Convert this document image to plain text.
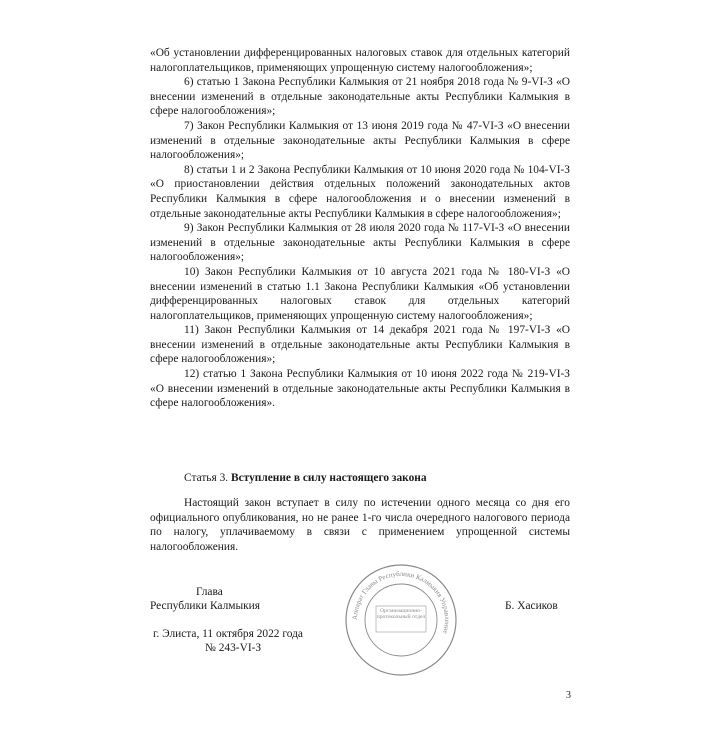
«Об установлении дифференцированных налоговых ставок для отдельных категорий налогоплательщиков, применяющих упрощенную систему налогообложения»;

6) статью 1 Закона Республики Калмыкия от 21 ноября 2018 года № 9-VI-З «О внесении изменений в отдельные законодательные акты Республики Калмыкия в сфере налогообложения»;

7) Закон Республики Калмыкия от 13 июня 2019 года № 47-VI-З «О внесении изменений в отдельные законодательные акты Республики Калмыкия в сфере налогообложения»;

8) статьи 1 и 2 Закона Республики Калмыкия от 10 июня 2020 года № 104-VI-З «О приостановлении действия отдельных положений законодательных актов Республики Калмыкия в сфере налогообложения и о внесении изменений в отдельные законодательные акты Республики Калмыкия в сфере налогообложения»;

9) Закон Республики Калмыкия от 28 июля 2020 года № 117-VI-З «О внесении изменений в отдельные законодательные акты Республики Калмыкия в сфере налогообложения»;

10) Закон Республики Калмыкия от 10 августа 2021 года № 180-VI-З «О внесении изменений в статью 1.1 Закона Республики Калмыкия «Об установлении дифференцированных налоговых ставок для отдельных категорий налогоплательщиков, применяющих упрощенную систему налогообложения»;

11) Закон Республики Калмыкия от 14 декабря 2021 года № 197-VI-З «О внесении изменений в отдельные законодательные акты Республики Калмыкия в сфере налогообложения»;

12) статью 1 Закона Республики Калмыкия от 10 июня 2022 года № 219-VI-З «О внесении изменений в отдельные законодательные акты Республики Калмыкия в сфере налогообложения».

Статья 3. Вступление в силу настоящего закона

Настоящий закон вступает в силу по истечении одного месяца со дня его официального опубликования, но не ранее 1-го числа очередного налогового периода по налогу, уплачиваемому в связи с применением упрощенной системы налогообложения.

Глава
Республики Калмыкия	Б. Хасиков
г. Элиста, 11 октября 2022 года
№ 243-VI-З
Аппарат Главы Республики Калмыкия Управление
Организационно-протокольный отдел
3
